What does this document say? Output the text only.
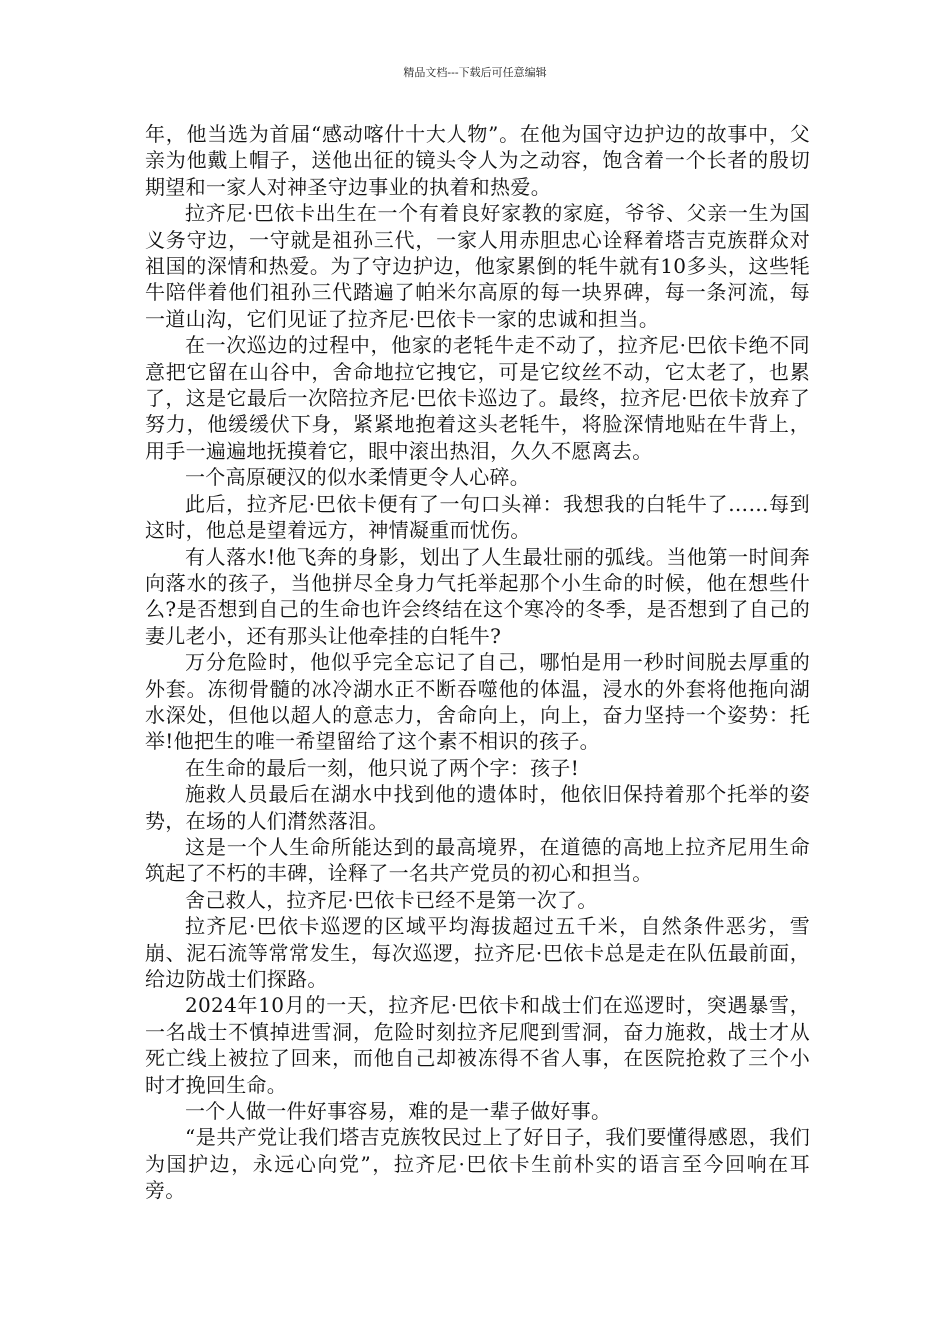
精品文档---下载后可任意编辑

年，他当选为首届“感动喀什十大人物”。在他为国守边护边的故事中，父亲为他戴上帽子，送他出征的镜头令人为之动容，饱含着一个长者的殷切期望和一家人对神圣守边事业的执着和热爱。

拉齐尼·巴依卡出生在一个有着良好家教的家庭，爷爷、父亲一生为国义务守边，一守就是祖孙三代，一家人用赤胆忠心诠释着塔吉克族群众对祖国的深情和热爱。为了守边护边，他家累倒的牦牛就有10多头，这些牦牛陪伴着他们祖孙三代踏遍了帕米尔高原的每一块界碑，每一条河流，每一道山沟，它们见证了拉齐尼·巴依卡一家的忠诚和担当。

在一次巡边的过程中，他家的老牦牛走不动了，拉齐尼·巴依卡绝不同意把它留在山谷中，舍命地拉它拽它，可是它纹丝不动，它太老了，也累了，这是它最后一次陪拉齐尼·巴依卡巡边了。最终，拉齐尼·巴依卡放弃了努力，他缓缓伏下身，紧紧地抱着这头老牦牛，将脸深情地贴在牛背上，用手一遍遍地抚摸着它，眼中滚出热泪，久久不愿离去。

一个高原硬汉的似水柔情更令人心碎。

此后，拉齐尼·巴依卡便有了一句口头禅：我想我的白牦牛了……每到这时，他总是望着远方，神情凝重而忧伤。

有人落水!他飞奔的身影，划出了人生最壮丽的弧线。当他第一时间奔向落水的孩子，当他拼尽全身力气托举起那个小生命的时候，他在想些什么?是否想到自己的生命也许会终结在这个寒冷的冬季，是否想到了自己的妻儿老小，还有那头让他牵挂的白牦牛?

万分危险时，他似乎完全忘记了自己，哪怕是用一秒时间脱去厚重的外套。冻彻骨髓的冰冷湖水正不断吞噬他的体温，浸水的外套将他拖向湖水深处，但他以超人的意志力，舍命向上，向上，奋力坚持一个姿势：托举!他把生的唯一希望留给了这个素不相识的孩子。

在生命的最后一刻，他只说了两个字：孩子!

施救人员最后在湖水中找到他的遗体时，他依旧保持着那个托举的姿势，在场的人们潸然落泪。

这是一个人生命所能达到的最高境界，在道德的高地上拉齐尼用生命筑起了不朽的丰碑，诠释了一名共产党员的初心和担当。

舍己救人，拉齐尼·巴依卡已经不是第一次了。

拉齐尼·巴依卡巡逻的区域平均海拔超过五千米，自然条件恶劣，雪崩、泥石流等常常发生，每次巡逻，拉齐尼·巴依卡总是走在队伍最前面，给边防战士们探路。

2024年10月的一天，拉齐尼·巴依卡和战士们在巡逻时，突遇暴雪，一名战士不慎掉进雪洞，危险时刻拉齐尼爬到雪洞，奋力施救，战士才从死亡线上被拉了回来，而他自己却被冻得不省人事，在医院抢救了三个小时才挽回生命。

一个人做一件好事容易，难的是一辈子做好事。

“是共产党让我们塔吉克族牧民过上了好日子，我们要懂得感恩，我们为国护边，永远心向党”，拉齐尼·巴依卡生前朴实的语言至今回响在耳旁。
